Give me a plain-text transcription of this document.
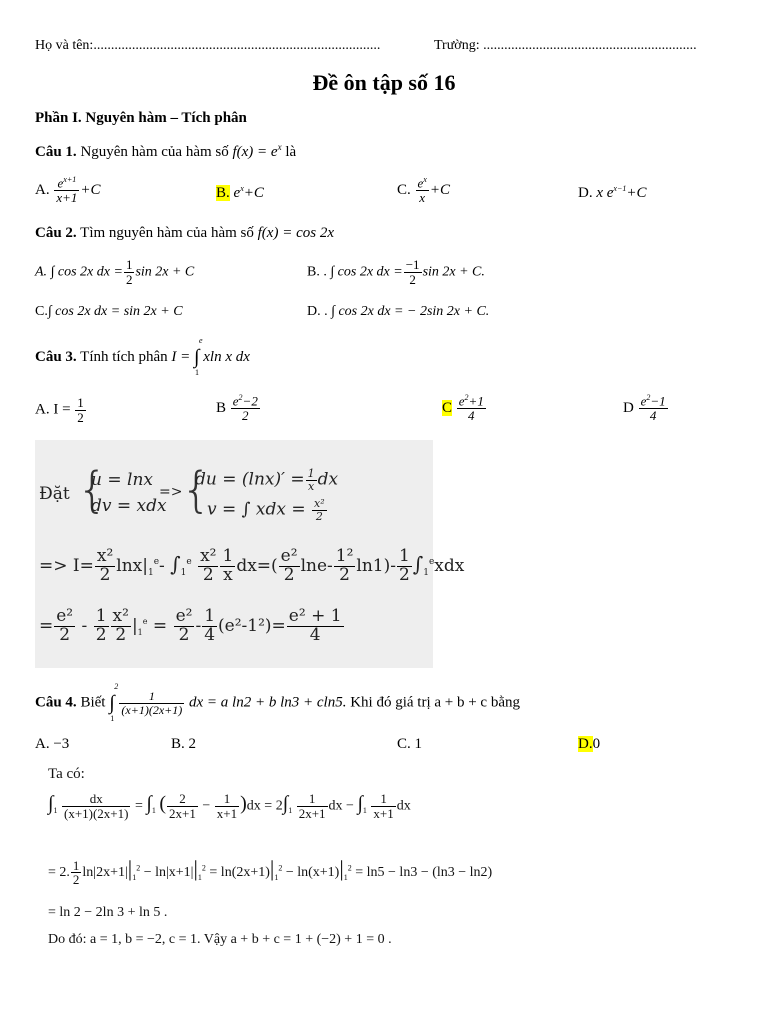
Họ và tên:..................................................................................	Trường: .............................................................
Đề ôn tập số 16
Phần I. Nguyên hàm – Tích phân
Câu 1. Nguyên hàm của hàm số $f(x) = e^x$ là
A. $\frac{e^{x+1}}{x+1} +C$	B. $e^x+C$	C. $\frac{e^x}{x} +C$	D. x $e^{x-1}+C$
Câu 2. Tìm nguyên hàm của hàm số f(x) = cos 2x
A. ∫ cos 2x dx = $\frac{1}{2}$ sin 2x + C	B. . ∫ cos 2x dx = $\frac{-1}{2}$ sin 2x + C.
C.∫ cos 2x dx = sin 2x + C	D. . ∫ cos 2x dx = − 2sin 2x + C.
Câu 3. Tính tích phân I = ∫
e
1
xln x dx
A. $I = \frac{1}{2}$	B $\frac{e^2-2}{2}$	C $\frac{e^2+1}{4}$	D $\frac{e^2-1}{4}$
Đặt {
u = lnx
dv = xdx
=>
{
du = $(\ln x)' = \frac{1}{x}$ dx
v = ∫ xdx = $\frac{\text{x²}}{2}$
=> $I= \frac{\text{x²}}{2} \ln x|_1^e-$ $\int_1^e \frac{\text{x²}}{2} \frac{1}{x} dx=( \frac{\text{e²}}{2} \ln e- \frac{\text{1²}}{2} \ln 1)- \frac{1}{2} \int_1^exdx$
= $\frac{\text{e²}}{2} - \frac{1}{2} \frac{\text{x²}}{2} |_1^e = \frac{\text{e²}}{2} - \frac{1}{4} (e^2-1^2)= \frac{\text{e² + 1}}{4}$
Câu 4. Biết ∫
2
1

$\frac{1}{(x+1)(2x+1)}$ dx = a ln2 + b ln3 + cln5. Khi đó giá trị a + b + c bằng
A. −3	B. 2	C. 1	D.0
Ta có:
$\int_1 \frac{dx}{(x+1)(2x+1)} = \int_1$ ( $\frac{2}{2x+1} - \frac{1}{x+1} )dx = 2\int_1 \frac{1}{2x+1}$ dx − $\int_1 \frac{1}{x+1}$ dx
= 2. $\frac{1}{2} \ln|2x+1||_1^2 - \ln|x+1||_1^2 = \ln(2x+1)|_1^2 - \ln(x+1)|_1^2 = \ln 5 - \ln 3 - (\ln 3 - \ln 2)$
= ln 2 − 2ln 3 + ln 5 .
Do đó: a = 1, b = −2, c = 1. Vậy a + b + c = 1 + (−2) + 1 = 0 .
